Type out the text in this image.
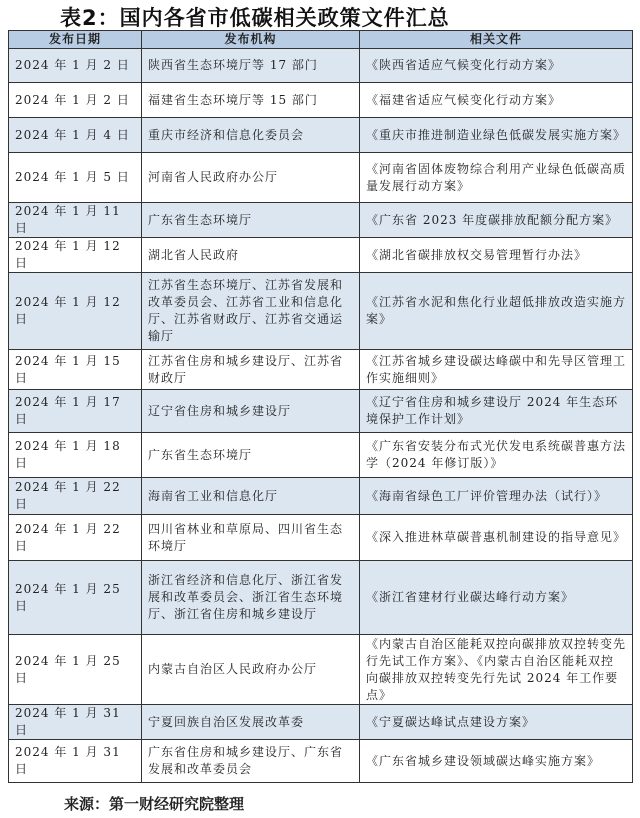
表2：国内各省市低碳相关政策文件汇总
发布日期	发布机构	相关文件
2024 年 1 月 2 日	陕西省生态环境厅等 17 部门	《陕西省适应气候变化行动方案》
2024 年 1 月 2 日	福建省生态环境厅等 15 部门	《福建省适应气候变化行动方案》
2024 年 1 月 4 日	重庆市经济和信息化委员会	《重庆市推进制造业绿色低碳发展实施方案》
2024 年 1 月 5 日	河南省人民政府办公厅	《河南省固体废物综合利用产业绿色低碳高质量发展行动方案》
2024 年 1 月 11 日	广东省生态环境厅	《广东省 2023 年度碳排放配额分配方案》
2024 年 1 月 12 日	湖北省人民政府	《湖北省碳排放权交易管理暂行办法》
2024 年 1 月 12 日	江苏省生态环境厅、江苏省发展和改革委员会、江苏省工业和信息化厅、江苏省财政厅、江苏省交通运输厅	《江苏省水泥和焦化行业超低排放改造实施方案》
2024 年 1 月 15 日	江苏省住房和城乡建设厅、江苏省财政厅	《江苏省城乡建设碳达峰碳中和先导区管理工作实施细则》
2024 年 1 月 17 日	辽宁省住房和城乡建设厅	《辽宁省住房和城乡建设厅 2024 年生态环境保护工作计划》
2024 年 1 月 18 日	广东省生态环境厅	《广东省安装分布式光伏发电系统碳普惠方法学（2024 年修订版）》
2024 年 1 月 22 日	海南省工业和信息化厅	《海南省绿色工厂评价管理办法（试行）》
2024 年 1 月 22 日	四川省林业和草原局、四川省生态环境厅	《深入推进林草碳普惠机制建设的指导意见》
2024 年 1 月 25 日	浙江省经济和信息化厅、浙江省发展和改革委员会、浙江省生态环境厅、浙江省住房和城乡建设厅	《浙江省建材行业碳达峰行动方案》
2024 年 1 月 25 日	内蒙古自治区人民政府办公厅	《内蒙古自治区能耗双控向碳排放双控转变先行先试工作方案》、《内蒙古自治区能耗双控向碳排放双控转变先行先试 2024 年工作要点》
2024 年 1 月 31 日	宁夏回族自治区发展改革委	《宁夏碳达峰试点建设方案》
2024 年 1 月 31 日	广东省住房和城乡建设厅、广东省发展和改革委员会	《广东省城乡建设领域碳达峰实施方案》
来源：第一财经研究院整理
